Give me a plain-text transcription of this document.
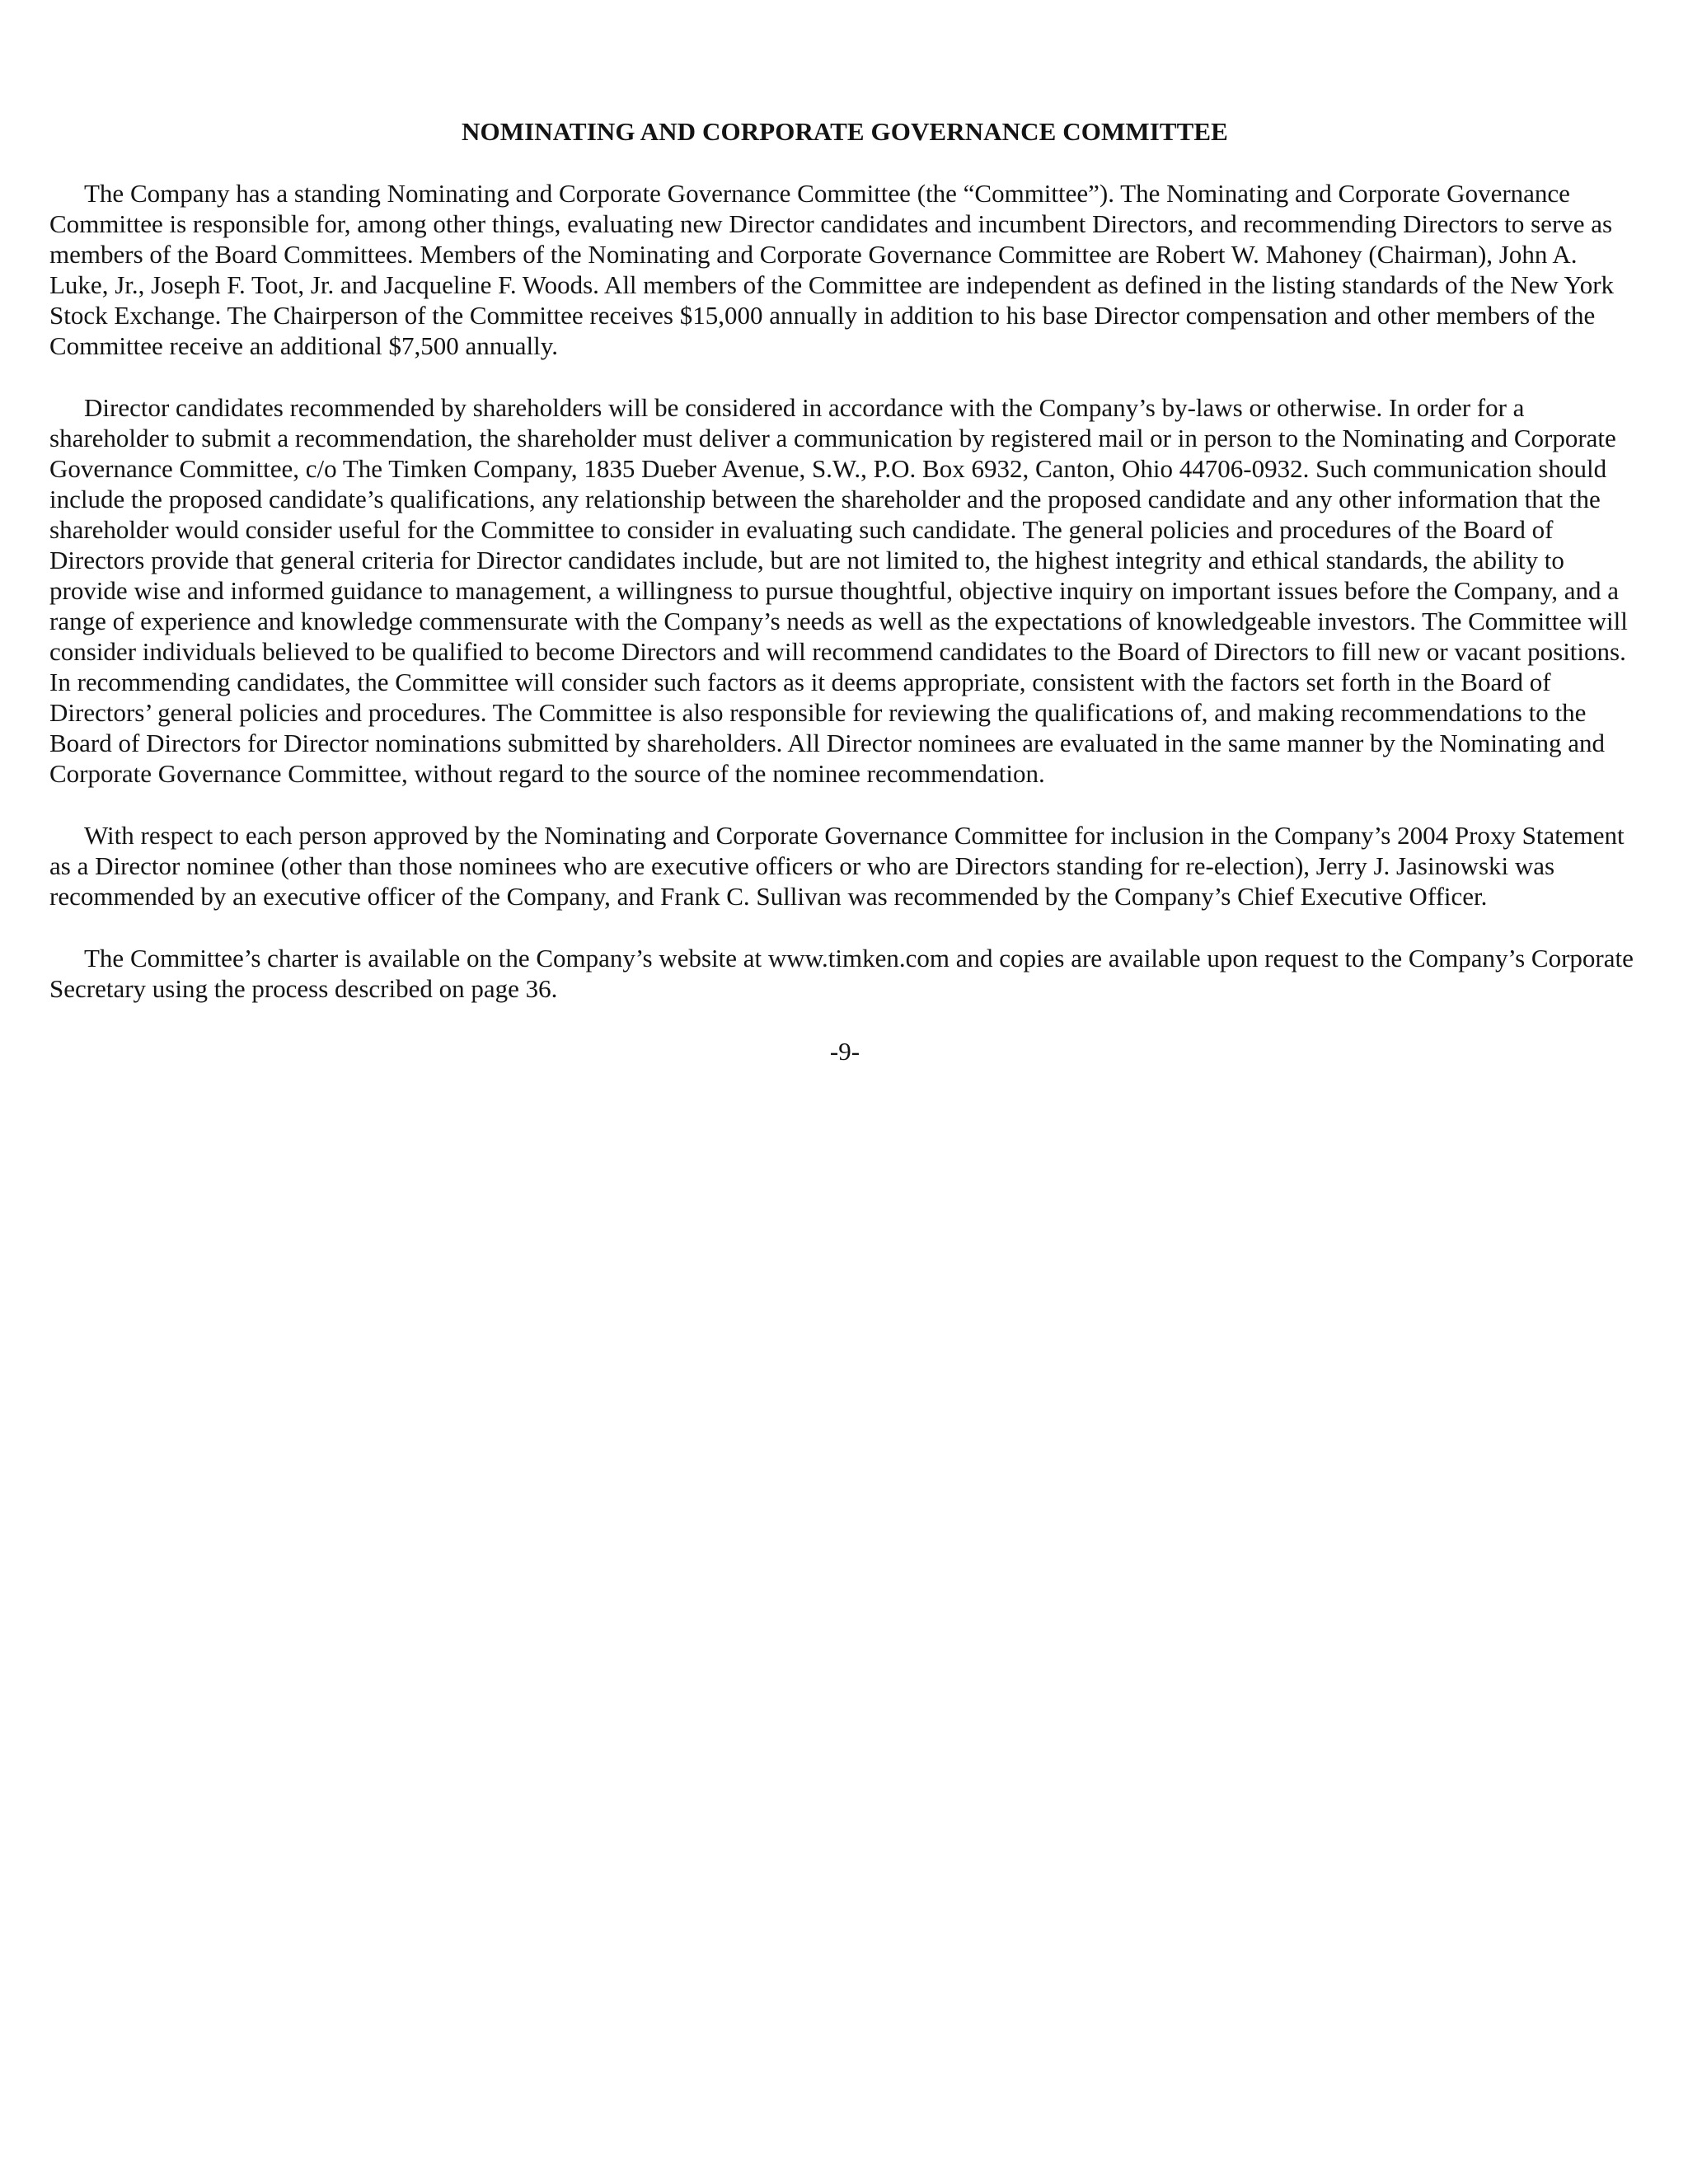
NOMINATING AND CORPORATE GOVERNANCE COMMITTEE

The Company has a standing Nominating and Corporate Governance Committee (the “Committee”). The Nominating and Corporate Governance Committee is responsible for, among other things, evaluating new Director candidates and incumbent Directors, and recommending Directors to serve as members of the Board Committees. Members of the Nominating and Corporate Governance Committee are Robert W. Mahoney (Chairman), John A. Luke, Jr., Joseph F. Toot, Jr. and Jacqueline F. Woods. All members of the Committee are independent as defined in the listing standards of the New York Stock Exchange. The Chairperson of the Committee receives $15,000 annually in addition to his base Director compensation and other members of the Committee receive an additional $7,500 annually.

Director candidates recommended by shareholders will be considered in accordance with the Company’s by-laws or otherwise. In order for a shareholder to submit a recommendation, the shareholder must deliver a communication by registered mail or in person to the Nominating and Corporate Governance Committee, c/o The Timken Company, 1835 Dueber Avenue, S.W., P.O. Box 6932, Canton, Ohio 44706-0932. Such communication should include the proposed candidate’s qualifications, any relationship between the shareholder and the proposed candidate and any other information that the shareholder would consider useful for the Committee to consider in evaluating such candidate. The general policies and procedures of the Board of Directors provide that general criteria for Director candidates include, but are not limited to, the highest integrity and ethical standards, the ability to provide wise and informed guidance to management, a willingness to pursue thoughtful, objective inquiry on important issues before the Company, and a range of experience and knowledge commensurate with the Company’s needs as well as the expectations of knowledgeable investors. The Committee will consider individuals believed to be qualified to become Directors and will recommend candidates to the Board of Directors to fill new or vacant positions. In recommending candidates, the Committee will consider such factors as it deems appropriate, consistent with the factors set forth in the Board of Directors’ general policies and procedures. The Committee is also responsible for reviewing the qualifications of, and making recommendations to the Board of Directors for Director nominations submitted by shareholders. All Director nominees are evaluated in the same manner by the Nominating and Corporate Governance Committee, without regard to the source of the nominee recommendation.

With respect to each person approved by the Nominating and Corporate Governance Committee for inclusion in the Company’s 2004 Proxy Statement as a Director nominee (other than those nominees who are executive officers or who are Directors standing for re-election), Jerry J. Jasinowski was recommended by an executive officer of the Company, and Frank C. Sullivan was recommended by the Company’s Chief Executive Officer.

The Committee’s charter is available on the Company’s website at www.timken.com and copies are available upon request to the Company’s Corporate Secretary using the process described on page 36.

-9-
